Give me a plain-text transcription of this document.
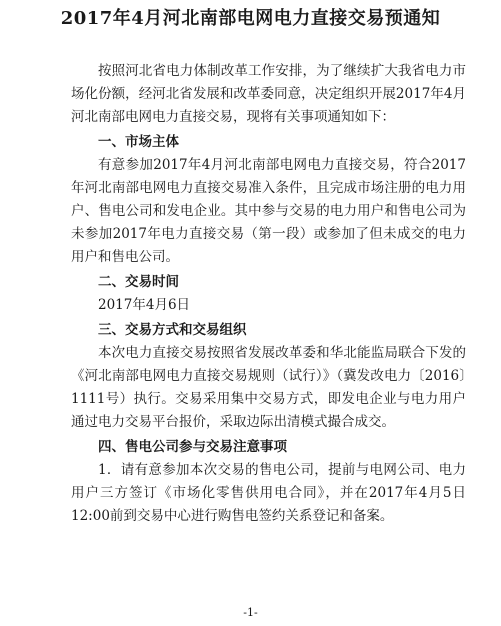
2017年4月河北南部电网电力直接交易预通知

按照河北省电力体制改革工作安排，为了继续扩大我省电力市场化份额，经河北省发展和改革委同意，决定组织开展2017年4月河北南部电网电力直接交易，现将有关事项通知如下：

一、市场主体

有意参加2017年4月河北南部电网电力直接交易，符合2017年河北南部电网电力直接交易准入条件，且完成市场注册的电力用户、售电公司和发电企业。其中参与交易的电力用户和售电公司为未参加2017年电力直接交易（第一段）或参加了但未成交的电力用户和售电公司。

二、交易时间

2017年4月6日

三、交易方式和交易组织

本次电力直接交易按照省发展改革委和华北能监局联合下发的《河北南部电网电力直接交易规则（试行）》（冀发改电力〔2016〕1111号）执行。交易采用集中交易方式，即发电企业与电力用户通过电力交易平台报价，采取边际出清模式撮合成交。

四、售电公司参与交易注意事项

1．请有意参加本次交易的售电公司，提前与电网公司、电力用户三方签订《市场化零售供用电合同》，并在2017年4月5日12:00前到交易中心进行购售电签约关系登记和备案。

-1-
